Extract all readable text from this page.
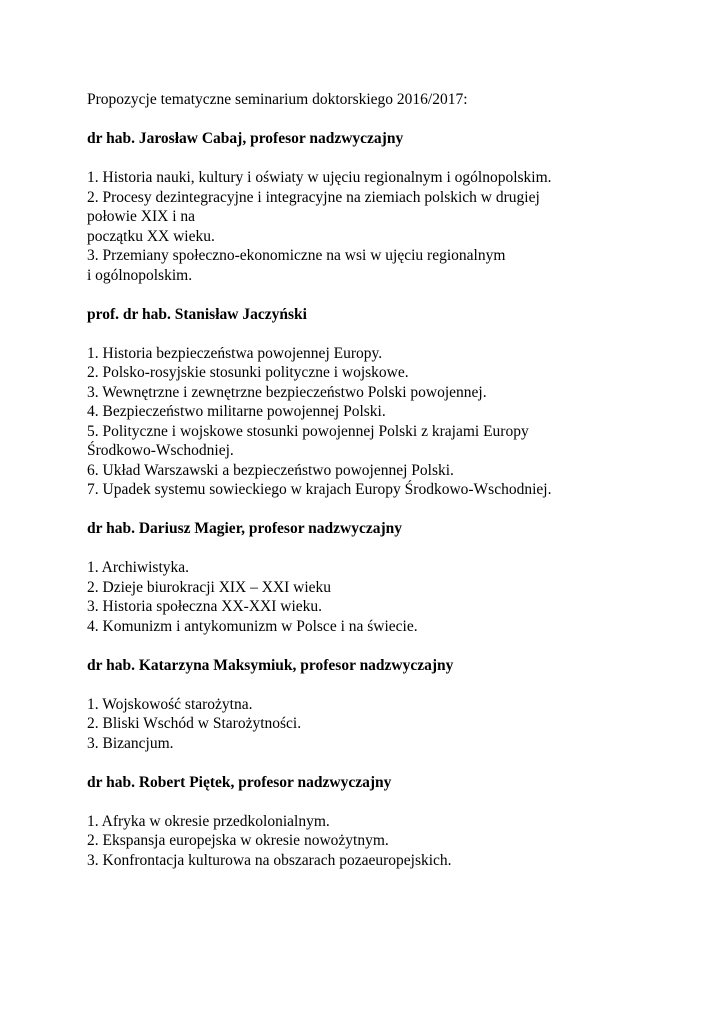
Propozycje tematyczne seminarium doktorskiego 2016/2017:

dr hab. Jarosław Cabaj, profesor nadzwyczajny

1. Historia nauki, kultury i oświaty w ujęciu regionalnym i ogólnopolskim.
2. Procesy dezintegracyjne i integracyjne na ziemiach polskich w drugiej
połowie XIX i na
początku XX wieku.
3. Przemiany społeczno-ekonomiczne na wsi w ujęciu regionalnym
i ogólnopolskim.

prof. dr hab. Stanisław Jaczyński

1. Historia bezpieczeństwa powojennej Europy.
2. Polsko-rosyjskie stosunki polityczne i wojskowe.
3. Wewnętrzne i zewnętrzne bezpieczeństwo Polski powojennej.
4. Bezpieczeństwo militarne powojennej Polski.
5. Polityczne i wojskowe stosunki powojennej Polski z krajami Europy
Środkowo-Wschodniej.
6. Układ Warszawski a bezpieczeństwo powojennej Polski.
7. Upadek systemu sowieckiego w krajach Europy Środkowo-Wschodniej.

dr hab. Dariusz Magier, profesor nadzwyczajny

1. Archiwistyka.
2. Dzieje biurokracji XIX – XXI wieku
3. Historia społeczna XX-XXI wieku.
4. Komunizm i antykomunizm w Polsce i na świecie.

dr hab. Katarzyna Maksymiuk, profesor nadzwyczajny

1. Wojskowość starożytna.
2. Bliski Wschód w Starożytności.
3. Bizancjum.

dr hab. Robert Piętek, profesor nadzwyczajny

1. Afryka w okresie przedkolonialnym.
2. Ekspansja europejska w okresie nowożytnym.
3. Konfrontacja kulturowa na obszarach pozaeuropejskich.
